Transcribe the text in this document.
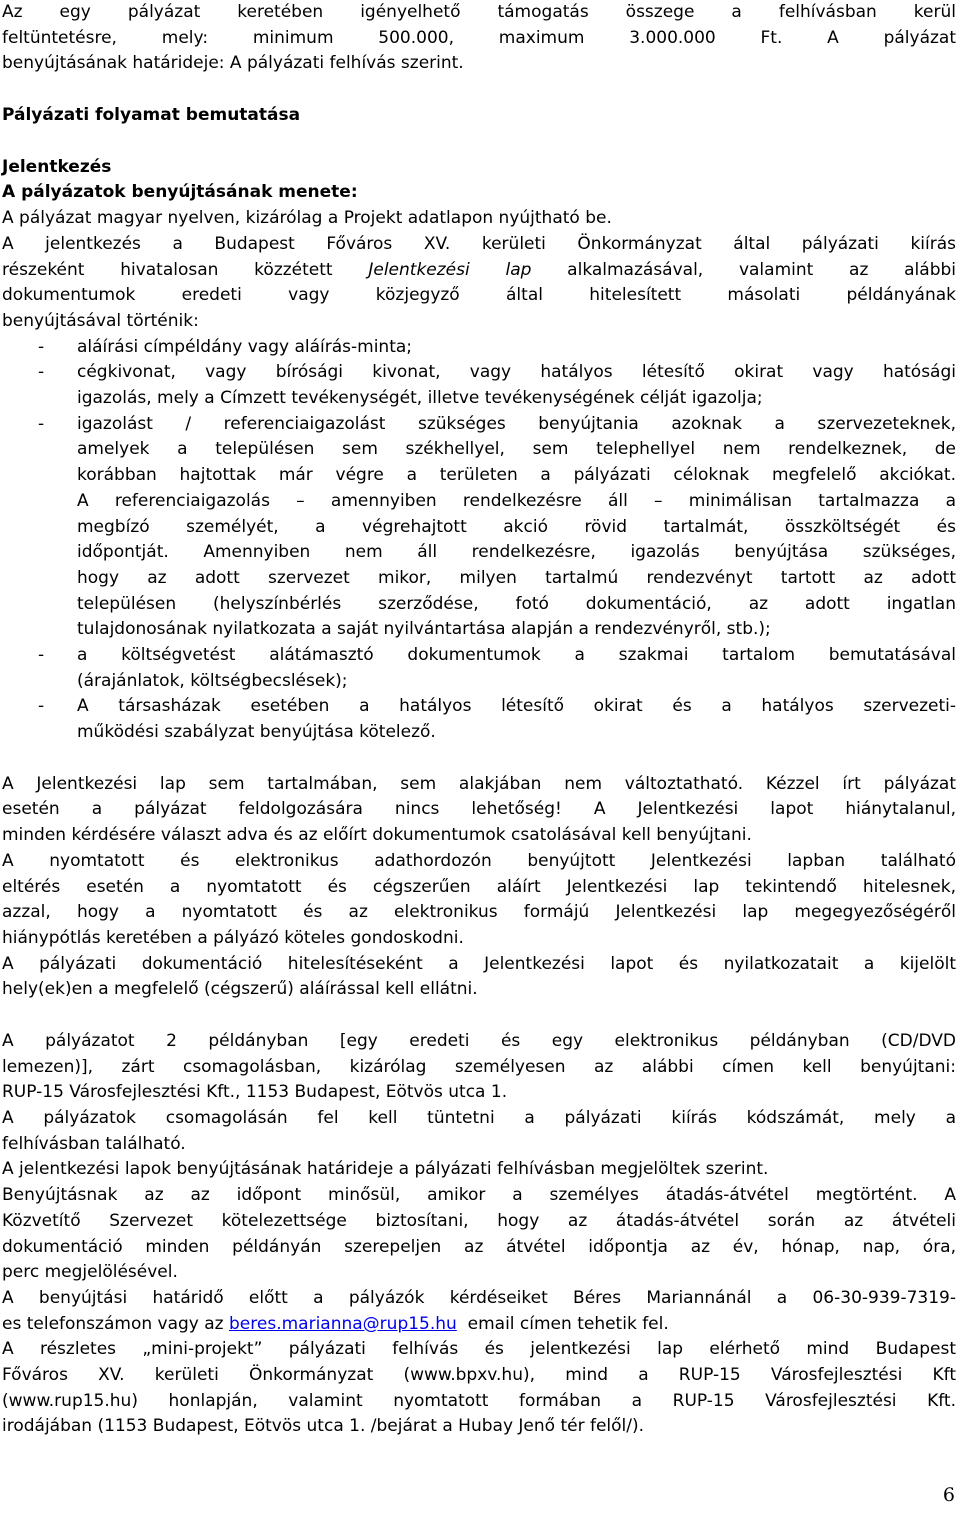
Az egy pályázat keretében igényelhető támogatás összege a felhívásban kerül
feltüntetésre, mely: minimum 500.000, maximum 3.000.000 Ft. A pályázat
benyújtásának határideje: A pályázati felhívás szerint.
Pályázati folyamat bemutatása
Jelentkezés
A pályázatok benyújtásának menete:
A pályázat magyar nyelven, kizárólag a Projekt adatlapon nyújtható be.
A jelentkezés a Budapest Főváros XV. kerületi Önkormányzat által pályázati kiírás
részeként hivatalosan közzétett Jelentkezési lap alkalmazásával, valamint az alábbi
dokumentumok eredeti vagy közjegyző által hitelesített másolati példányának
benyújtásával történik:
- aláírási címpéldány vagy aláírás-minta;
- cégkivonat, vagy bírósági kivonat, vagy hatályos létesítő okirat vagy hatósági
igazolás, mely a Címzett tevékenységét, illetve tevékenységének célját igazolja;
- igazolást / referenciaigazolást szükséges benyújtania azoknak a szervezeteknek,
amelyek a településen sem székhellyel, sem telephellyel nem rendelkeznek, de
korábban hajtottak már végre a területen a pályázati céloknak megfelelő akciókat.
A referenciaigazolás – amennyiben rendelkezésre áll – minimálisan tartalmazza a
megbízó személyét, a végrehajtott akció rövid tartalmát, összköltségét és
időpontját. Amennyiben nem áll rendelkezésre, igazolás benyújtása szükséges,
hogy az adott szervezet mikor, milyen tartalmú rendezvényt tartott az adott
településen (helyszínbérlés szerződése, fotó dokumentáció, az adott ingatlan
tulajdonosának nyilatkozata a saját nyilvántartása alapján a rendezvényről, stb.);
- a költségvetést alátámasztó dokumentumok a szakmai tartalom bemutatásával
(árajánlatok, költségbecslések);
- A társasházak esetében a hatályos létesítő okirat és a hatályos szervezeti-
működési szabályzat benyújtása kötelező.
A Jelentkezési lap sem tartalmában, sem alakjában nem változtatható. Kézzel írt pályázat
esetén a pályázat feldolgozására nincs lehetőség! A Jelentkezési lapot hiánytalanul,
minden kérdésére választ adva és az előírt dokumentumok csatolásával kell benyújtani.
A nyomtatott és elektronikus adathordozón benyújtott Jelentkezési lapban található
eltérés esetén a nyomtatott és cégszerűen aláírt Jelentkezési lap tekintendő hitelesnek,
azzal, hogy a nyomtatott és az elektronikus formájú Jelentkezési lap megegyezőségéről
hiánypótlás keretében a pályázó köteles gondoskodni.
A pályázati dokumentáció hitelesítéseként a Jelentkezési lapot és nyilatkozatait a kijelölt
hely(ek)en a megfelelő (cégszerű) aláírással kell ellátni.
A pályázatot 2 példányban [egy eredeti és egy elektronikus példányban (CD/DVD
lemezen)], zárt csomagolásban, kizárólag személyesen az alábbi címen kell benyújtani:
RUP-15 Városfejlesztési Kft., 1153 Budapest, Eötvös utca 1.
A pályázatok csomagolásán fel kell tüntetni a pályázati kiírás kódszámát, mely a
felhívásban található.
A jelentkezési lapok benyújtásának határideje a pályázati felhívásban megjelöltek szerint.
Benyújtásnak az az időpont minősül, amikor a személyes átadás-átvétel megtörtént. A
Közvetítő Szervezet kötelezettsége biztosítani, hogy az átadás-átvétel során az átvételi
dokumentáció minden példányán szerepeljen az átvétel időpontja az év, hónap, nap, óra,
perc megjelölésével.
A benyújtási határidő előtt a pályázók kérdéseiket Béres Mariannánál a 06-30-939-7319-
es telefonszámon vagy az beres.marianna@rup15.hu email címen tehetik fel.
A részletes „mini-projekt” pályázati felhívás és jelentkezési lap elérhető mind Budapest
Főváros XV. kerületi Önkormányzat (www.bpxv.hu), mind a RUP-15 Városfejlesztési Kft
(www.rup15.hu) honlapján, valamint nyomtatott formában a RUP-15 Városfejlesztési Kft.
irodájában (1153 Budapest, Eötvös utca 1. /bejárat a Hubay Jenő tér felől/).
6
